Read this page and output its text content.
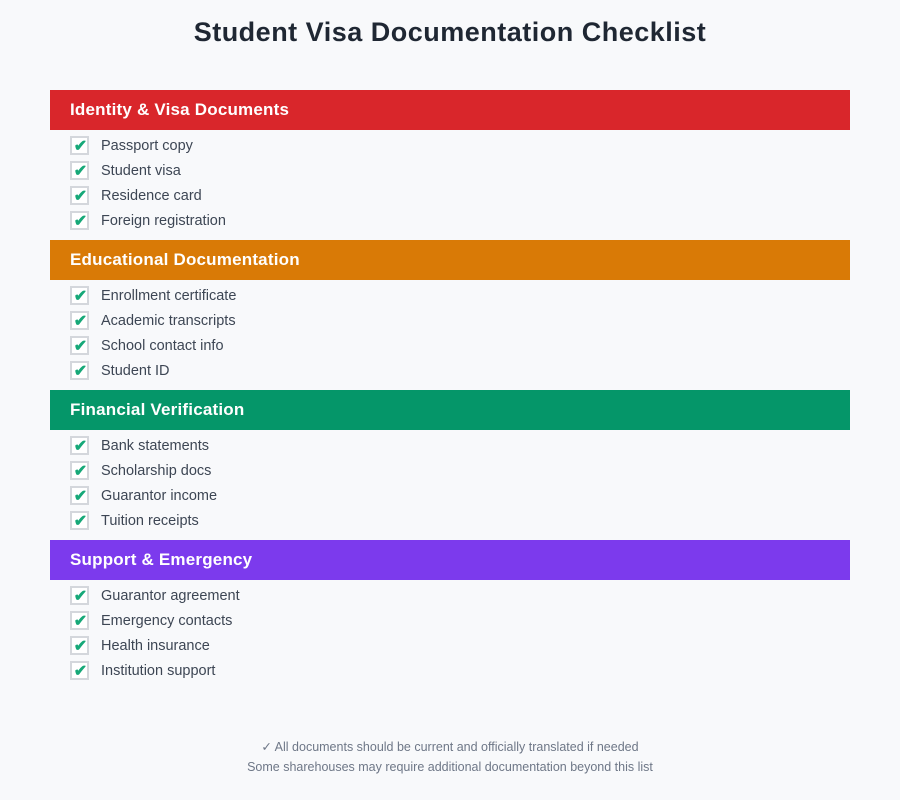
Student Visa Documentation Checklist
Identity & Visa Documents
✔ Passport copy
✔ Student visa
✔ Residence card
✔ Foreign registration
Educational Documentation
✔ Enrollment certificate
✔ Academic transcripts
✔ School contact info
✔ Student ID
Financial Verification
✔ Bank statements
✔ Scholarship docs
✔ Guarantor income
✔ Tuition receipts
Support & Emergency
✔ Guarantor agreement
✔ Emergency contacts
✔ Health insurance
✔ Institution support
✓ All documents should be current and officially translated if needed
Some sharehouses may require additional documentation beyond this list
